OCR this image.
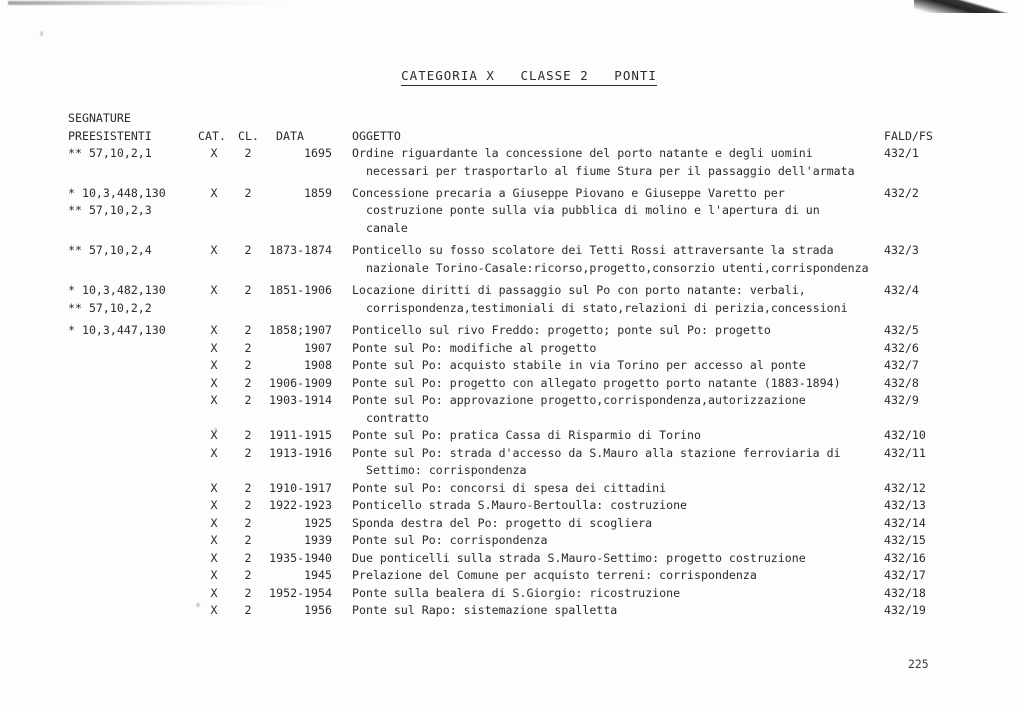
CATEGORIA X   CLASSE 2   PONTI

SEGNATURE
PREESISTENTI	CAT.	CL.	DATA	OGGETTO	FALD/FS
** 57,10,2,1	X	2	1695 Ordine riguardante la concessione del porto natante e degli uomini	432/1
necessari per trasportarlo al fiume Stura per il passaggio dell'armata
* 10,3,448,130	X	2	1859 Concessione precaria a Giuseppe Piovano e Giuseppe Varetto per	432/2
** 57,10,2,3	costruzione ponte sulla via pubblica di molino e l'apertura di un
canale
** 57,10,2,4	X	2	1873-1874 Ponticello su fosso scolatore dei Tetti Rossi attraversante la strada	432/3
nazionale Torino-Casale:ricorso,progetto,consorzio utenti,corrispondenza
* 10,3,482,130	X	2	1851-1906 Locazione diritti di passaggio sul Po con porto natante: verbali,	432/4
** 57,10,2,2	corrispondenza,testimoniali di stato,relazioni di perizia,concessioni
* 10,3,447,130	X	2	1858;1907 Ponticello sul rivo Freddo: progetto; ponte sul Po: progetto	432/5
X	2	1907 Ponte sul Po: modifiche al progetto	432/6
X	2	1908 Ponte sul Po: acquisto stabile in via Torino per accesso al ponte	432/7
X	2	1906-1909 Ponte sul Po: progetto con allegato progetto porto natante (1883-1894)	432/8
X	2	1903-1914 Ponte sul Po: approvazione progetto,corrispondenza,autorizzazione	432/9
contratto
X	2	1911-1915 Ponte sul Po: pratica Cassa di Risparmio di Torino	432/10
X	2	1913-1916 Ponte sul Po: strada d'accesso da S.Mauro alla stazione ferroviaria di	432/11
Settimo: corrispondenza
X	2	1910-1917 Ponte sul Po: concorsi di spesa dei cittadini	432/12
X	2	1922-1923 Ponticello strada S.Mauro-Bertoulla: costruzione	432/13
X	2	1925 Sponda destra del Po: progetto di scogliera	432/14
X	2	1939 Ponte sul Po: corrispondenza	432/15
X	2	1935-1940 Due ponticelli sulla strada S.Mauro-Settimo: progetto costruzione	432/16
X	2	1945 Prelazione del Comune per acquisto terreni: corrispondenza	432/17
X	2	1952-1954 Ponte sulla bealera di S.Giorgio: ricostruzione	432/18
X	2	1956 Ponte sul Rapo: sistemazione spalletta	432/19
225
